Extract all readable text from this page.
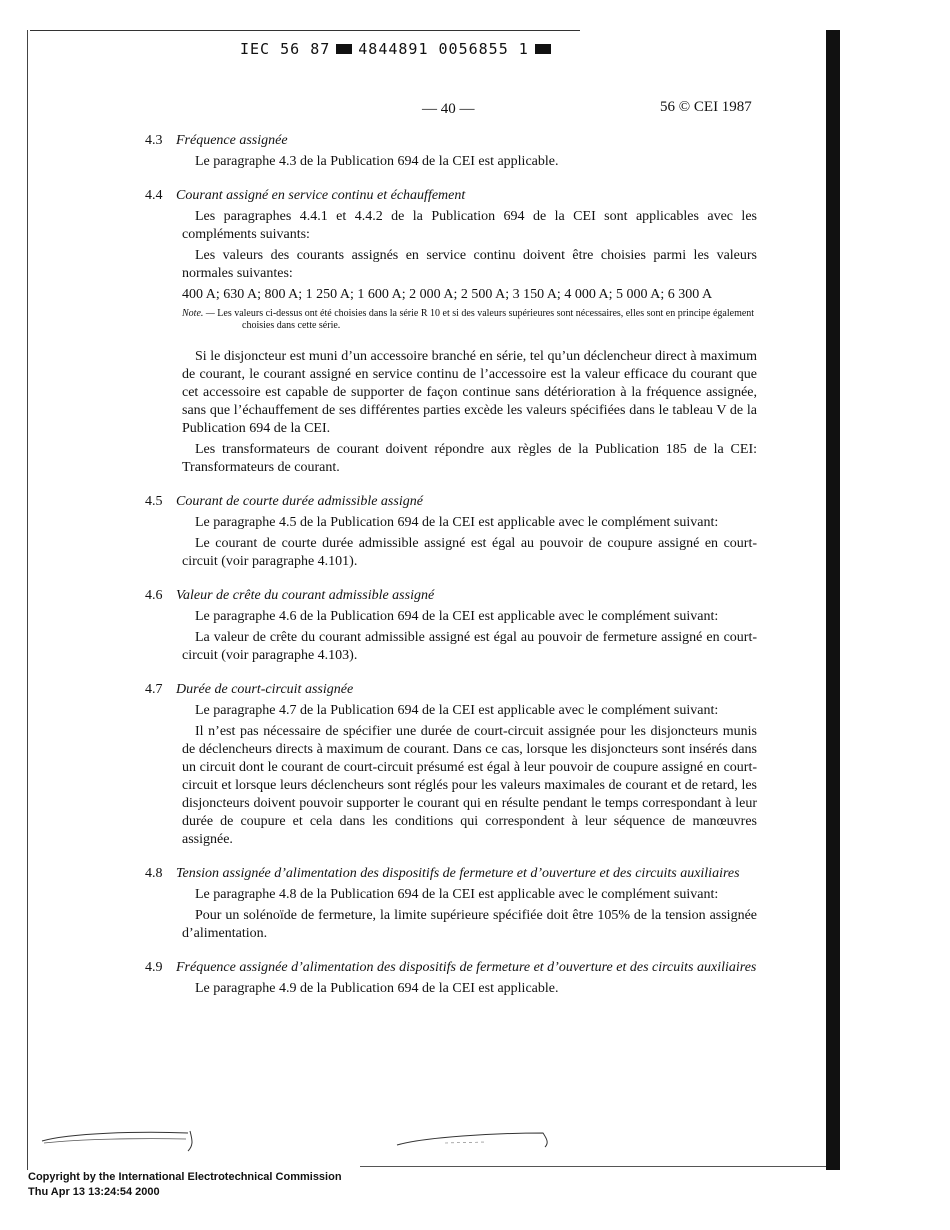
IEC 56 87 4844891 0056855 1
— 40 —	56 © CEI 1987
4.3 Fréquence assignée

Le paragraphe 4.3 de la Publication 694 de la CEI est applicable.

4.4 Courant assigné en service continu et échauffement

Les paragraphes 4.4.1 et 4.4.2 de la Publication 694 de la CEI sont applicables avec les compléments suivants:

Les valeurs des courants assignés en service continu doivent être choisies parmi les valeurs normales suivantes:

400 A; 630 A; 800 A; 1 250 A; 1 600 A; 2 000 A; 2 500 A; 3 150 A; 4 000 A; 5 000 A; 6 300 A

Note. — Les valeurs ci-dessus ont été choisies dans la série R 10 et si des valeurs supérieures sont nécessaires, elles sont en principe également choisies dans cette série.

Si le disjoncteur est muni d’un accessoire branché en série, tel qu’un déclencheur direct à maximum de courant, le courant assigné en service continu de l’accessoire est la valeur efficace du courant que cet accessoire est capable de supporter de façon continue sans détérioration à la fréquence assignée, sans que l’échauffement de ses différentes parties excède les valeurs spécifiées dans le tableau V de la Publication 694 de la CEI.

Les transformateurs de courant doivent répondre aux règles de la Publication 185 de la CEI: Transformateurs de courant.

4.5 Courant de courte durée admissible assigné

Le paragraphe 4.5 de la Publication 694 de la CEI est applicable avec le complément suivant:

Le courant de courte durée admissible assigné est égal au pouvoir de coupure assigné en court-circuit (voir paragraphe 4.101).

4.6 Valeur de crête du courant admissible assigné

Le paragraphe 4.6 de la Publication 694 de la CEI est applicable avec le complément suivant:

La valeur de crête du courant admissible assigné est égal au pouvoir de fermeture assigné en court-circuit (voir paragraphe 4.103).

4.7 Durée de court-circuit assignée

Le paragraphe 4.7 de la Publication 694 de la CEI est applicable avec le complément suivant:

Il n’est pas nécessaire de spécifier une durée de court-circuit assignée pour les disjoncteurs munis de déclencheurs directs à maximum de courant. Dans ce cas, lorsque les disjoncteurs sont insérés dans un circuit dont le courant de court-circuit présumé est égal à leur pouvoir de coupure assigné en court-circuit et lorsque leurs déclencheurs sont réglés pour les valeurs maximales de courant et de retard, les disjoncteurs doivent pouvoir supporter le courant qui en résulte pendant le temps correspondant à leur durée de coupure et cela dans les conditions qui correspondent à leur séquence de manœuvres assignée.

4.8 Tension assignée d’alimentation des dispositifs de fermeture et d’ouverture et des circuits auxiliaires

Le paragraphe 4.8 de la Publication 694 de la CEI est applicable avec le complément suivant:

Pour un solénoïde de fermeture, la limite supérieure spécifiée doit être 105% de la tension assignée d’alimentation.

4.9 Fréquence assignée d’alimentation des dispositifs de fermeture et d’ouverture et des circuits auxiliaires

Le paragraphe 4.9 de la Publication 694 de la CEI est applicable.

Copyright by the International Electrotechnical Commission
Thu Apr 13 13:24:54 2000
